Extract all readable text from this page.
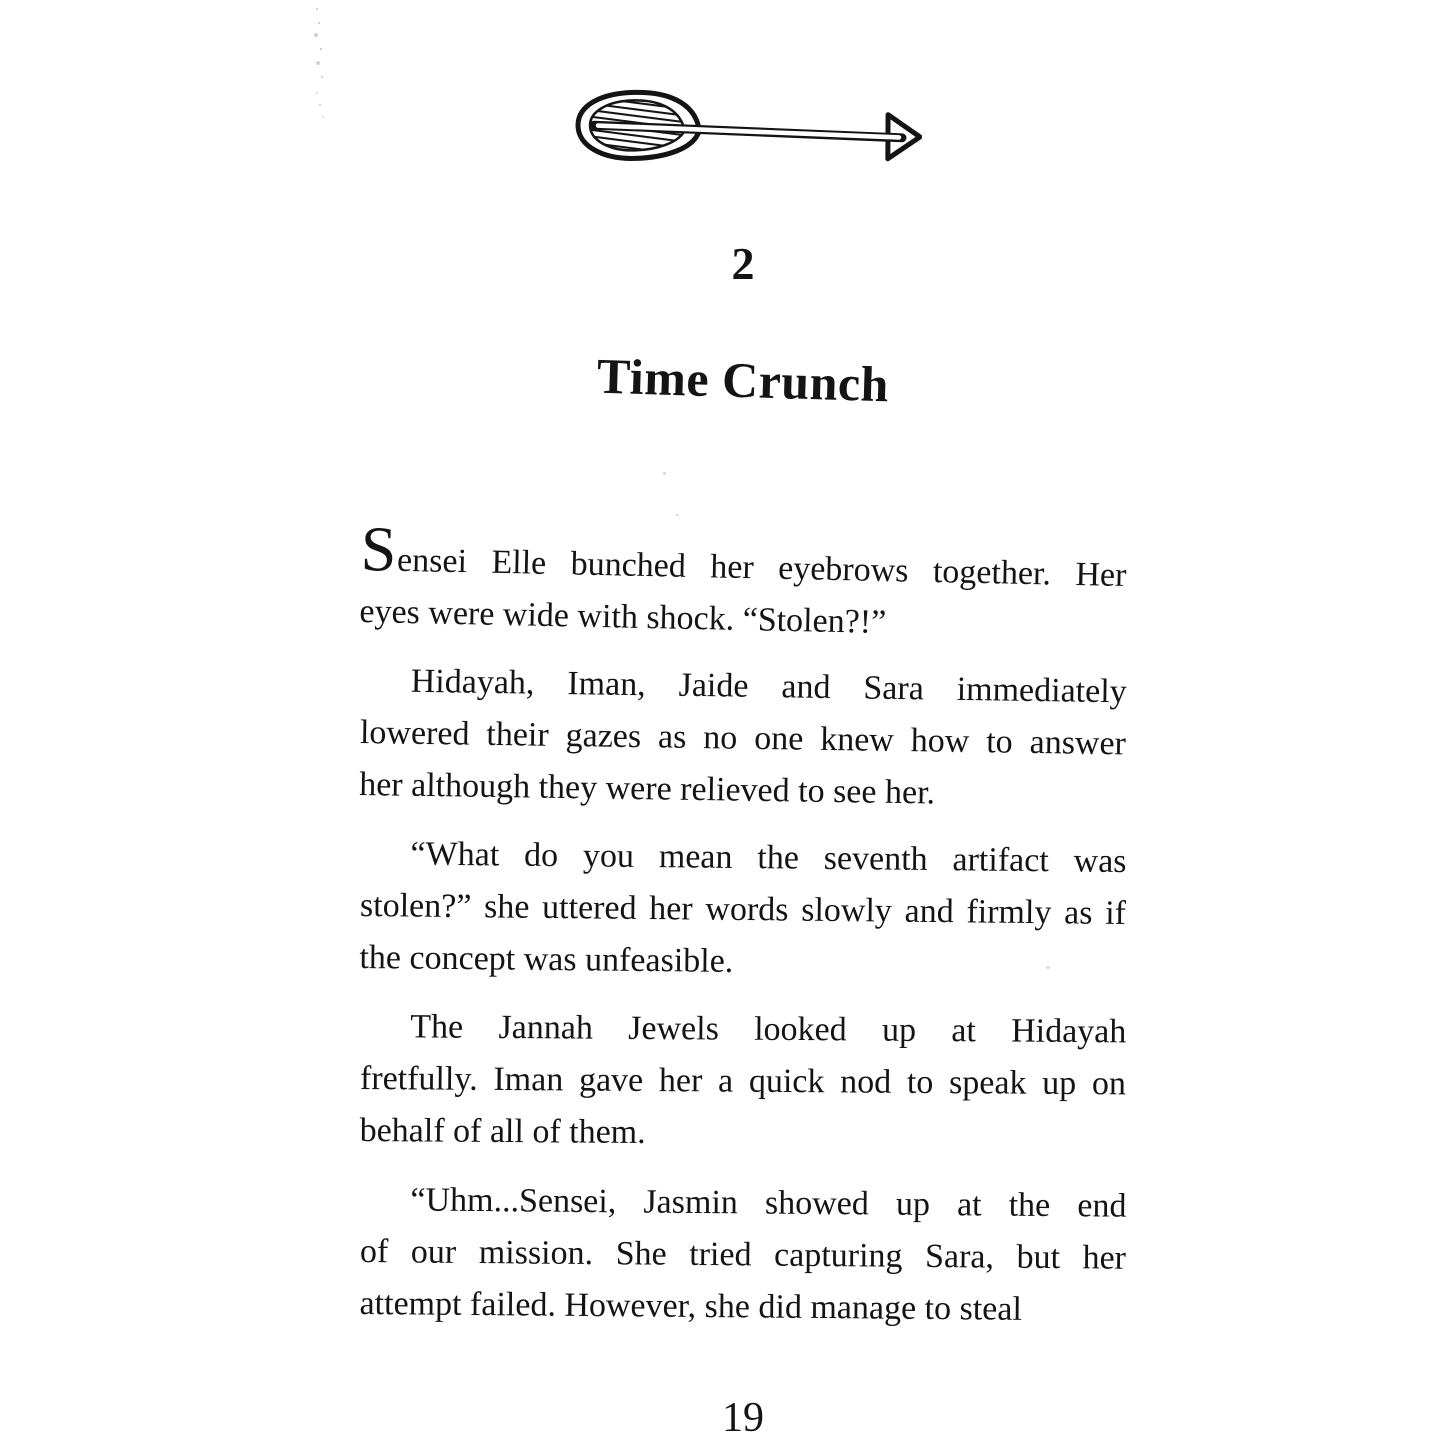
2
Time Crunch

Sensei Elle bunched her eyebrows together. Her
eyes were wide with shock. “Stolen?!”

Hidayah, Iman, Jaide and Sara immediately
lowered their gazes as no one knew how to answer
her although they were relieved to see her.

“What do you mean the seventh artifact was
stolen?” she uttered her words slowly and firmly as if
the concept was unfeasible.

The Jannah Jewels looked up at Hidayah
fretfully. Iman gave her a quick nod to speak up on
behalf of all of them.

“Uhm...Sensei, Jasmin showed up at the end
of our mission. She tried capturing Sara, but her
attempt failed. However, she did manage to steal

19
